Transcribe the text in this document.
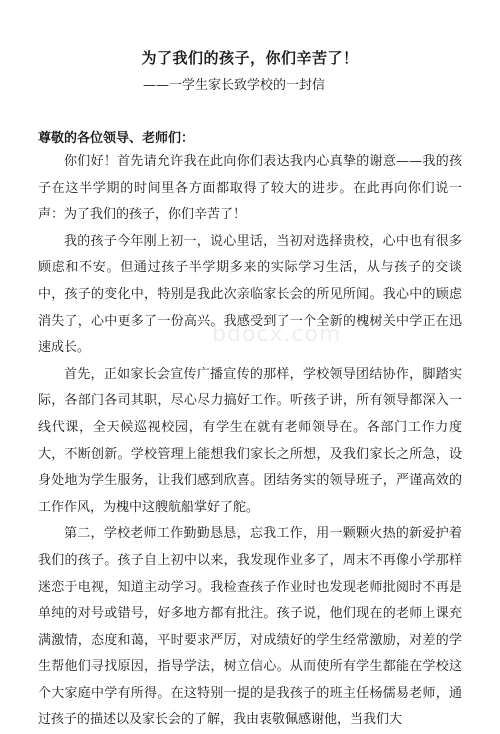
为了我们的孩子，你们辛苦了！
——一学生家长致学校的一封信
尊敬的各位领导、老师们：

你们好！首先请允许我在此向你们表达我内心真挚的谢意——我的孩子在这半学期的时间里各方面都取得了较大的进步。在此再向你们说一声：为了我们的孩子，你们辛苦了！

我的孩子今年刚上初一，说心里话，当初对选择贵校，心中也有很多顾虑和不安。但通过孩子半学期多来的实际学习生活，从与孩子的交谈中，孩子的变化中，特别是我此次亲临家长会的所见所闻。我心中的顾虑消失了，心中更多了一份高兴。我感受到了一个全新的槐树关中学正在迅速成长。

首先，正如家长会宣传广播宣传的那样，学校领导团结协作，脚踏实际，各部门各司其职，尽心尽力搞好工作。听孩子讲，所有领导都深入一线代课，全天候巡视校园，有学生在就有老师领导在。各部门工作力度大，不断创新。学校管理上能想我们家长之所想，及我们家长之所急，设身处地为学生服务，让我们感到欣喜。团结务实的领导班子，严谨高效的工作作风，为槐中这艘航船掌好了舵。

第二，学校老师工作勤勤恳恳，忘我工作，用一颗颗火热的新爱护着我们的孩子。孩子自上初中以来，我发现作业多了，周末不再像小学那样迷恋于电视，知道主动学习。我检查孩子作业时也发现老师批阅时不再是单纯的对号或错号，好多地方都有批注。孩子说，他们现在的老师上课充满激情，态度和蔼，平时要求严厉，对成绩好的学生经常激励，对差的学生帮他们寻找原因，指导学法，树立信心。从而使所有学生都能在学校这个大家庭中学有所得。在这特别一提的是我孩子的班主任杨儒易老师，通过孩子的描述以及家长会的了解，我由衷敬佩感谢他，当我们大

bdocx.com
